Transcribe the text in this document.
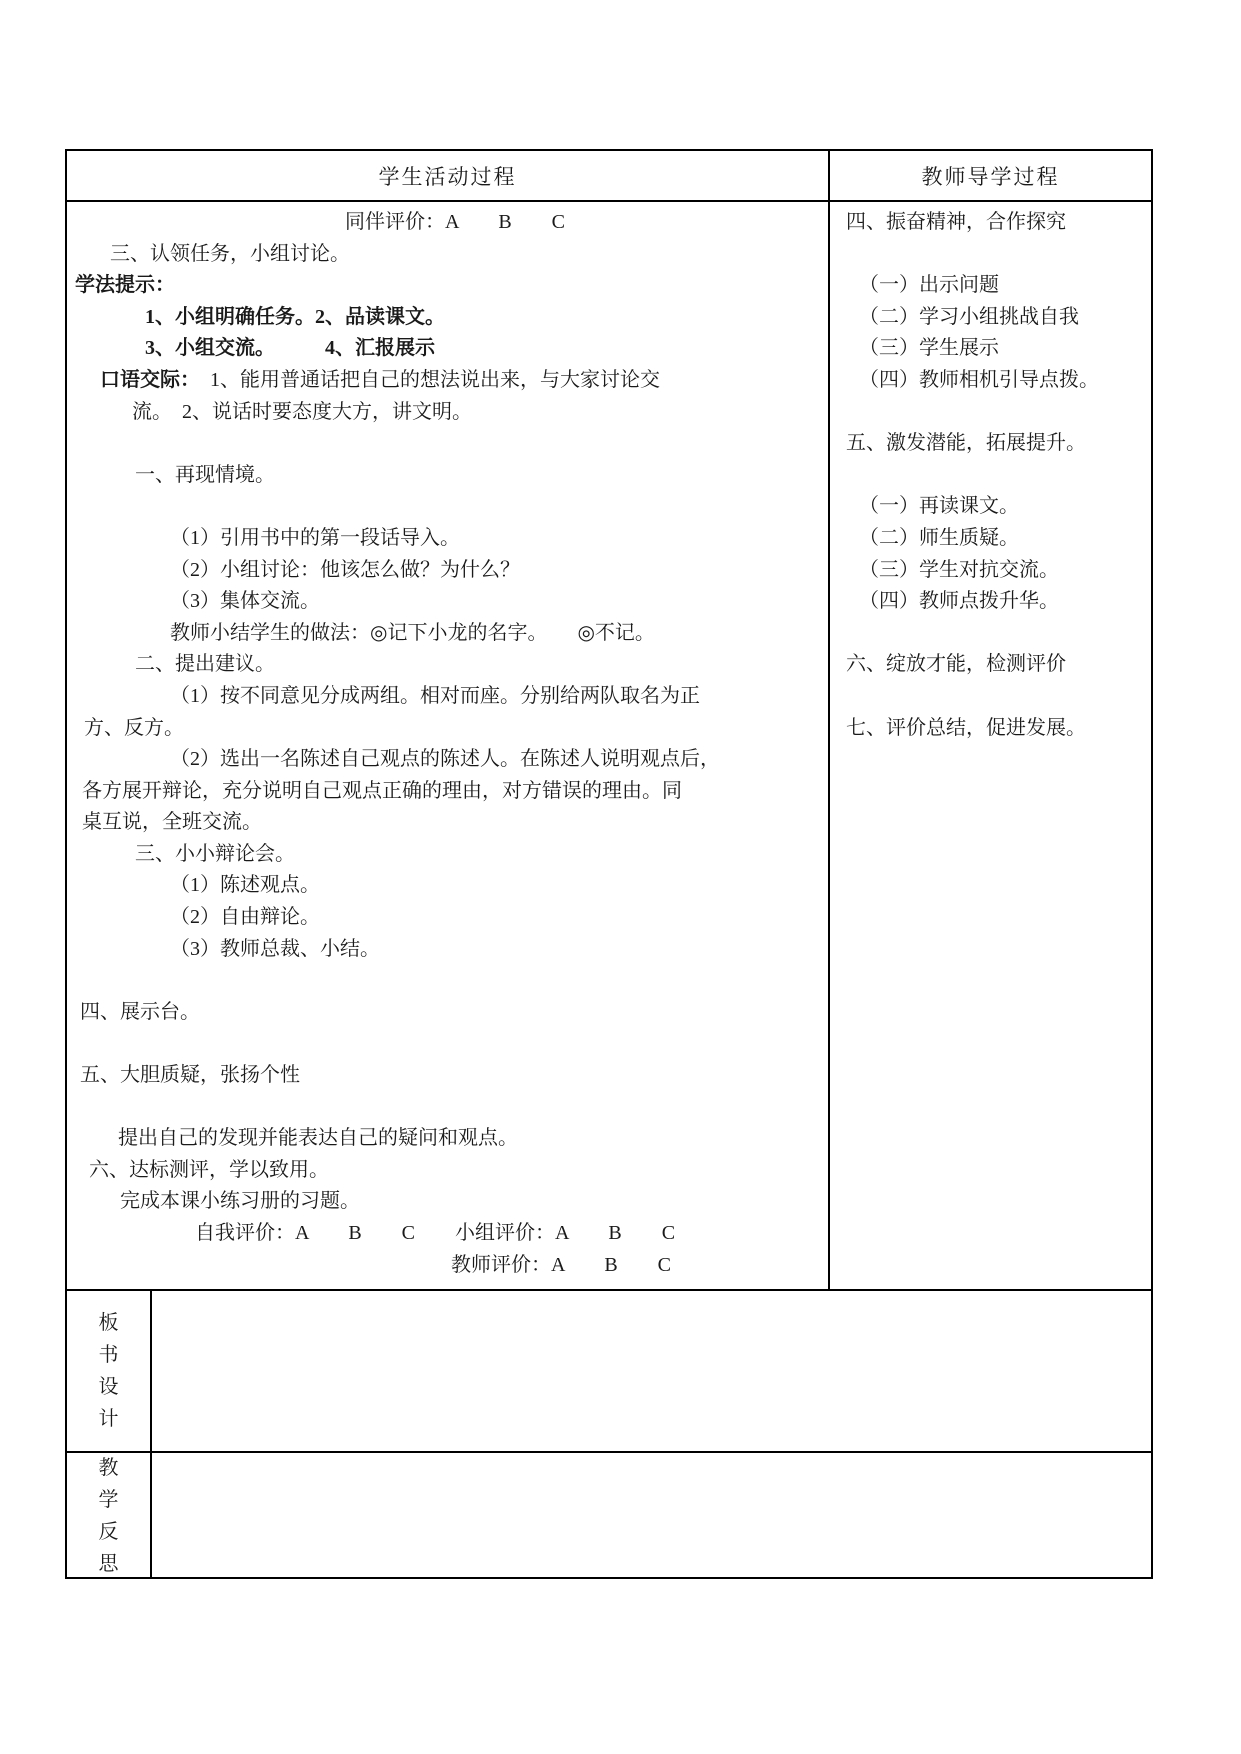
学生活动过程	教师导学过程
同伴评价：A　　B　　C
三、认领任务，小组讨论。
学法提示：
1、小组明确任务。2、品读课文。
3、小组交流。　　　4、汇报展示
口语交际：　1、能用普通话把自己的想法说出来，与大家讨论交
流。　2、说话时要态度大方，讲文明。

一、再现情境。

（1）引用书中的第一段话导入。
（2）小组讨论：他该怎么做？为什么？
（3）集体交流。
教师小结学生的做法：◎记下小龙的名字。　　◎不记。
二、提出建议。
（1）按不同意见分成两组。相对而座。分别给两队取名为正
方、反方。
（2）选出一名陈述自己观点的陈述人。在陈述人说明观点后，
各方展开辩论，充分说明自己观点正确的理由，对方错误的理由。同
桌互说，全班交流。
三、小小辩论会。
（1）陈述观点。
（2）自由辩论。
（3）教师总裁、小结。

四、展示台。

五、大胆质疑，张扬个性

提出自己的发现并能表达自己的疑问和观点。
六、达标测评，学以致用。
完成本课小练习册的习题。
自我评价：A　　B　　C　　小组评价：A　　B　　C
教师评价：A　　B　　C
四、振奋精神，合作探究

（一）出示问题
（二）学习小组挑战自我
（三）学生展示
（四）教师相机引导点拨。

五、激发潜能，拓展提升。

（一）再读课文。
（二）师生质疑。
（三）学生对抗交流。
（四）教师点拨升华。

六、绽放才能，检测评价

七、评价总结，促进发展。
板书设计
教学反思
